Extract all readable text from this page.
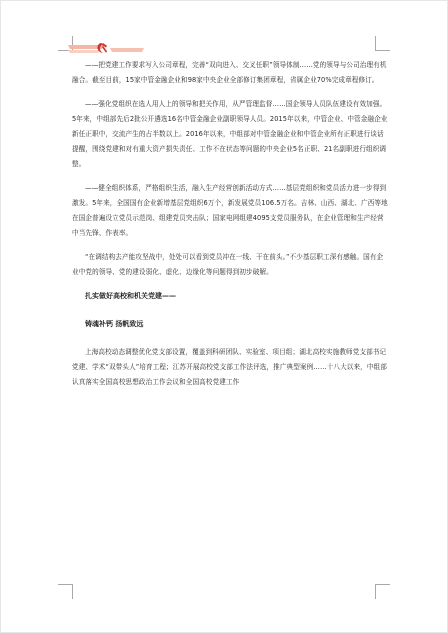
——把党建工作要求写入公司章程，完善“双向进入、交叉任职”领导体制……党的领导与公司治理有机融合。截至目前，15家中管金融企业和98家中央企业全部修订集团章程，省属企业70%完成章程修订。

——强化党组织在选人用人上的领导和把关作用，从严管理监督……国企领导人员队伍建设有效加强。5年来，中组部先后2批公开遴选16名中管金融企业副职领导人员。2015年以来，中管企业、中管金融企业新任正职中，交流产生的占半数以上。2016年以来，中组部对中管金融企业和中管企业所有正职进行谈话提醒，围绕党建和对有重大资产损失责任、工作不在状态等问题的中央企业5名正职、21名副职进行组织调整。

——健全组织体系，严格组织生活，融入生产经营创新活动方式……基层党组织和党员活力进一步得到激发。5年来，全国国有企业新增基层党组织6万个，新发展党员106.5万名。吉林、山西、湖北、广西等地在国企普遍设立党员示范岗、组建党员突击队；国家电网组建4095支党员服务队，在企业管理和生产经营中当先锋、作表率。

“在调结构去产能攻坚战中，处处可以看到党员冲在一线、干在前头。”不少基层职工深有感触。国有企业中党的领导、党的建设弱化、虚化、边缘化等问题得到初步破解。

扎实做好高校和机关党建——

铸魂补钙 扬帆致远

上海高校动态调整优化党支部设置，覆盖到科研团队、实验室、项目组；湖北高校实施教师党支部书记党建、学术“双带头人”培育工程；江苏开展高校党支部工作法评选，推广典型案例……十八大以来，中组部认真落实全国高校思想政治工作会议和全国高校党建工作
